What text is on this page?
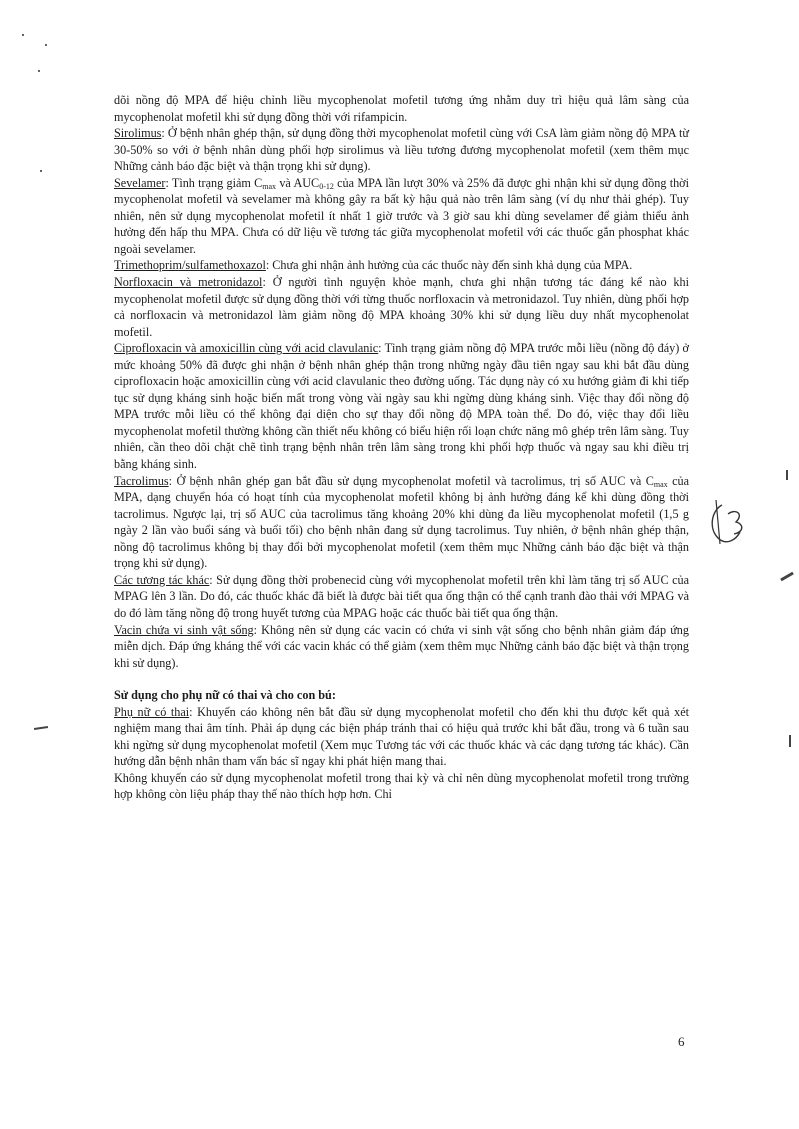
dõi nồng độ MPA để hiệu chỉnh liều mycophenolat mofetil tương ứng nhằm duy trì hiệu quả lâm sàng của mycophenolat mofetil khi sử dụng đồng thời với rifampicin.

Sirolimus: Ở bệnh nhân ghép thận, sử dụng đồng thời mycophenolat mofetil cùng với CsA làm giảm nồng độ MPA từ 30-50% so với ở bệnh nhân dùng phối hợp sirolimus và liều tương đương mycophenolat mofetil (xem thêm mục Những cảnh báo đặc biệt và thận trọng khi sử dụng).

Sevelamer: Tình trạng giảm $C_{max}$ và $AUC_{0-12}$ của MPA lần lượt 30% và 25% đã được ghi nhận khi sử dụng đồng thời mycophenolat mofetil và sevelamer mà không gây ra bất kỳ hậu quả nào trên lâm sàng (ví dụ như thải ghép). Tuy nhiên, nên sử dụng mycophenolat mofetil ít nhất 1 giờ trước và 3 giờ sau khi dùng sevelamer để giảm thiểu ảnh hưởng đến hấp thu MPA. Chưa có dữ liệu về tương tác giữa mycophenolat mofetil với các thuốc gắn phosphat khác ngoài sevelamer.

Trimethoprim/sulfamethoxazol: Chưa ghi nhận ảnh hưởng của các thuốc này đến sinh khả dụng của MPA.

Norfloxacin và metronidazol: Ở người tình nguyện khỏe mạnh, chưa ghi nhận tương tác đáng kể nào khi mycophenolat mofetil được sử dụng đồng thời với từng thuốc norfloxacin và metronidazol. Tuy nhiên, dùng phối hợp cả norfloxacin và metronidazol làm giảm nồng độ MPA khoảng 30% khi sử dụng liều duy nhất mycophenolat mofetil.

Ciprofloxacin và amoxicillin cùng với acid clavulanic: Tình trạng giảm nồng độ MPA trước mỗi liều (nồng độ đáy) ở mức khoảng 50% đã được ghi nhận ở bệnh nhân ghép thận trong những ngày đầu tiên ngay sau khi bắt đầu dùng ciprofloxacin hoặc amoxicillin cùng với acid clavulanic theo đường uống. Tác dụng này có xu hướng giảm đi khi tiếp tục sử dụng kháng sinh hoặc biến mất trong vòng vài ngày sau khi ngừng dùng kháng sinh. Việc thay đổi nồng độ MPA trước mỗi liều có thể không đại diện cho sự thay đổi nồng độ MPA toàn thể. Do đó, việc thay đổi liều mycophenolat mofetil thường không cần thiết nếu không có biểu hiện rối loạn chức năng mô ghép trên lâm sàng. Tuy nhiên, cần theo dõi chặt chẽ tình trạng bệnh nhân trên lâm sàng trong khi phối hợp thuốc và ngay sau khi điều trị bằng kháng sinh.

Tacrolimus: Ở bệnh nhân ghép gan bắt đầu sử dụng mycophenolat mofetil và tacrolimus, trị số AUC và $C_{max}$ của MPA, dạng chuyển hóa có hoạt tính của mycophenolat mofetil không bị ảnh hưởng đáng kể khi dùng đồng thời tacrolimus. Ngược lại, trị số AUC của tacrolimus tăng khoảng 20% khi dùng đa liều mycophenolat mofetil (1,5 g ngày 2 lần vào buổi sáng và buổi tối) cho bệnh nhân đang sử dụng tacrolimus. Tuy nhiên, ở bệnh nhân ghép thận, nồng độ tacrolimus không bị thay đổi bởi mycophenolat mofetil (xem thêm mục Những cảnh báo đặc biệt và thận trọng khi sử dụng).

Các tương tác khác: Sử dụng đồng thời probenecid cùng với mycophenolat mofetil trên khỉ làm tăng trị số AUC của MPAG lên 3 lần. Do đó, các thuốc khác đã biết là được bài tiết qua ống thận có thể cạnh tranh đào thải với MPAG và do đó làm tăng nồng độ trong huyết tương của MPAG hoặc các thuốc bài tiết qua ống thận.

Vacin chứa vi sinh vật sống: Không nên sử dụng các vacin có chứa vi sinh vật sống cho bệnh nhân giảm đáp ứng miễn dịch. Đáp ứng kháng thể với các vacin khác có thể giảm (xem thêm mục Những cảnh báo đặc biệt và thận trọng khi sử dụng).

Sử dụng cho phụ nữ có thai và cho con bú:

Phụ nữ có thai: Khuyến cáo không nên bắt đầu sử dụng mycophenolat mofetil cho đến khi thu được kết quả xét nghiệm mang thai âm tính. Phải áp dụng các biện pháp tránh thai có hiệu quả trước khi bắt đầu, trong và 6 tuần sau khi ngừng sử dụng mycophenolat mofetil (Xem mục Tương tác với các thuốc khác và các dạng tương tác khác). Cần hướng dẫn bệnh nhân tham vấn bác sĩ ngay khi phát hiện mang thai.

Không khuyến cáo sử dụng mycophenolat mofetil trong thai kỳ và chỉ nên dùng mycophenolat mofetil trong trường hợp không còn liệu pháp thay thế nào thích hợp hơn. Chỉ

6
